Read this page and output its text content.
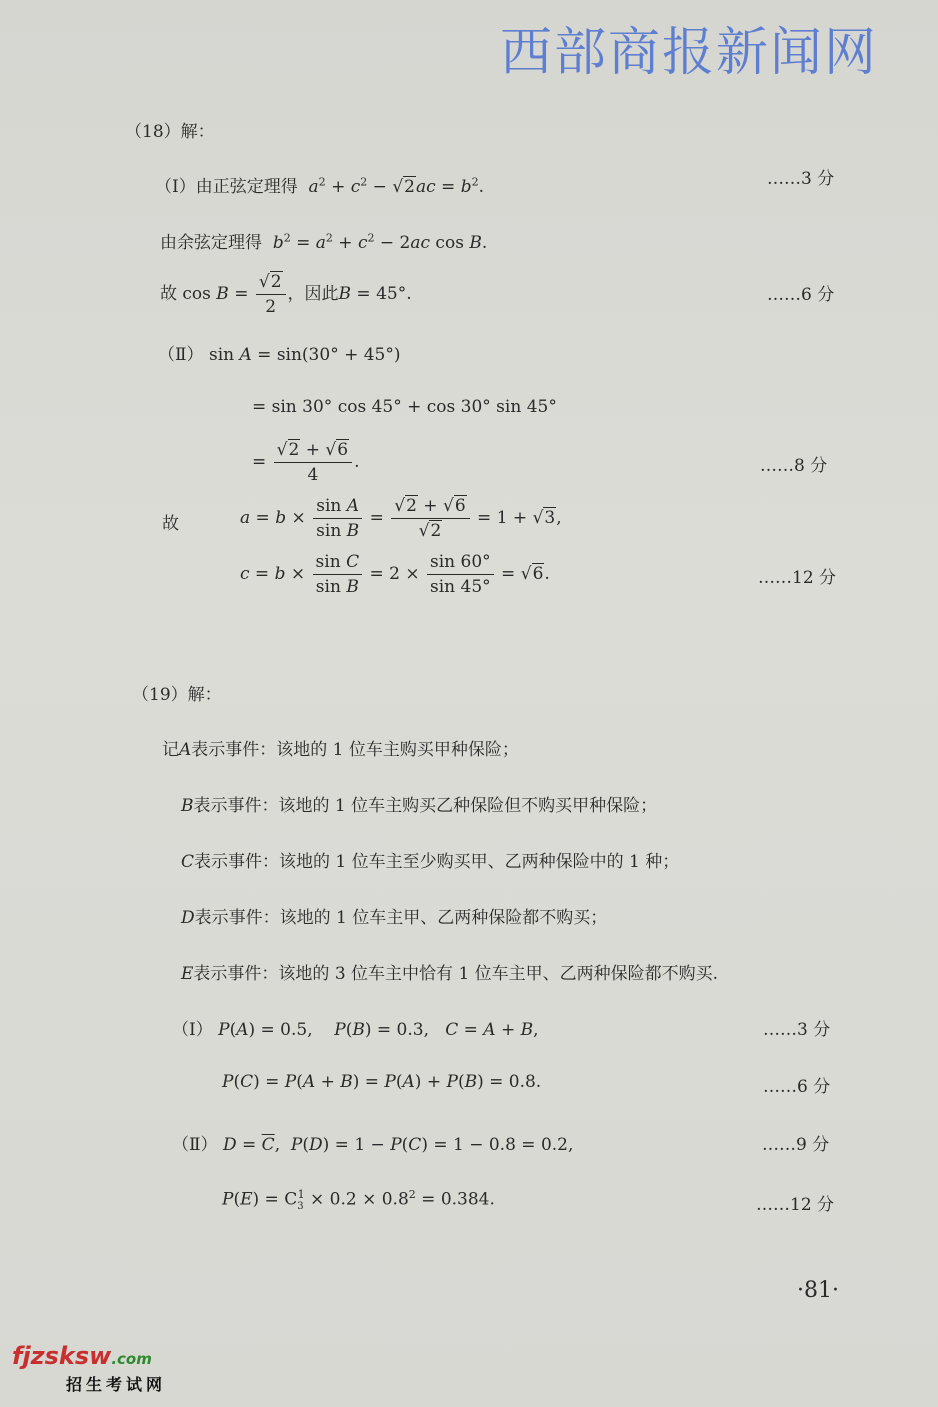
西部商报新闻网
（18）解：
（Ⅰ）由正弦定理得 $a^2 + c^2 - √2ac = b^2$.	……3 分
由余弦定理得 $b^2 = a^2 + c^2 - 2ac$ cos B.
故 $\cos B = \frac{√2}{2}$ ，因此B = 45°.	……6 分
（Ⅱ） sin A = sin(30° + 45°)
= sin 30° cos 45° + cos 30° sin 45°
= $\frac{√2 + √6}{4}$ .	……8 分
故	$a = b \times \frac{\text{sin A}}{\text{sin B}} = \frac{√2 + √6}{√2} = 1 + √3$,
$c = b \times \frac{\text{sin C}}{\text{sin B}} = 2 \times \frac{\sin 60^\circ}{\sin 45^\circ} = √6$.	……12 分
（19）解：
记A表示事件：该地的 1 位车主购买甲种保险；
B表示事件：该地的 1 位车主购买乙种保险但不购买甲种保险；
C表示事件：该地的 1 位车主至少购买甲、乙两种保险中的 1 种；
D表示事件：该地的 1 位车主甲、乙两种保险都不购买；
E表示事件：该地的 3 位车主中恰有 1 位车主甲、乙两种保险都不购买.
（Ⅰ） P(A) = 0.5,    P(B) = 0.3,   C = A + B,	……3 分
P(C) = P(A + B) = P(A) + P(B) = 0.8.	……6 分
（Ⅱ） $D = \overline{C}$,  P(D) = 1 − P(C) = 1 − 0.8 = 0.2,	……9 分
$P(E) = C_3^1 \times 0.2 \times 0.8^2 = 0.384$.	……12 分
·81·
fjzsksw.com
招生考试网
